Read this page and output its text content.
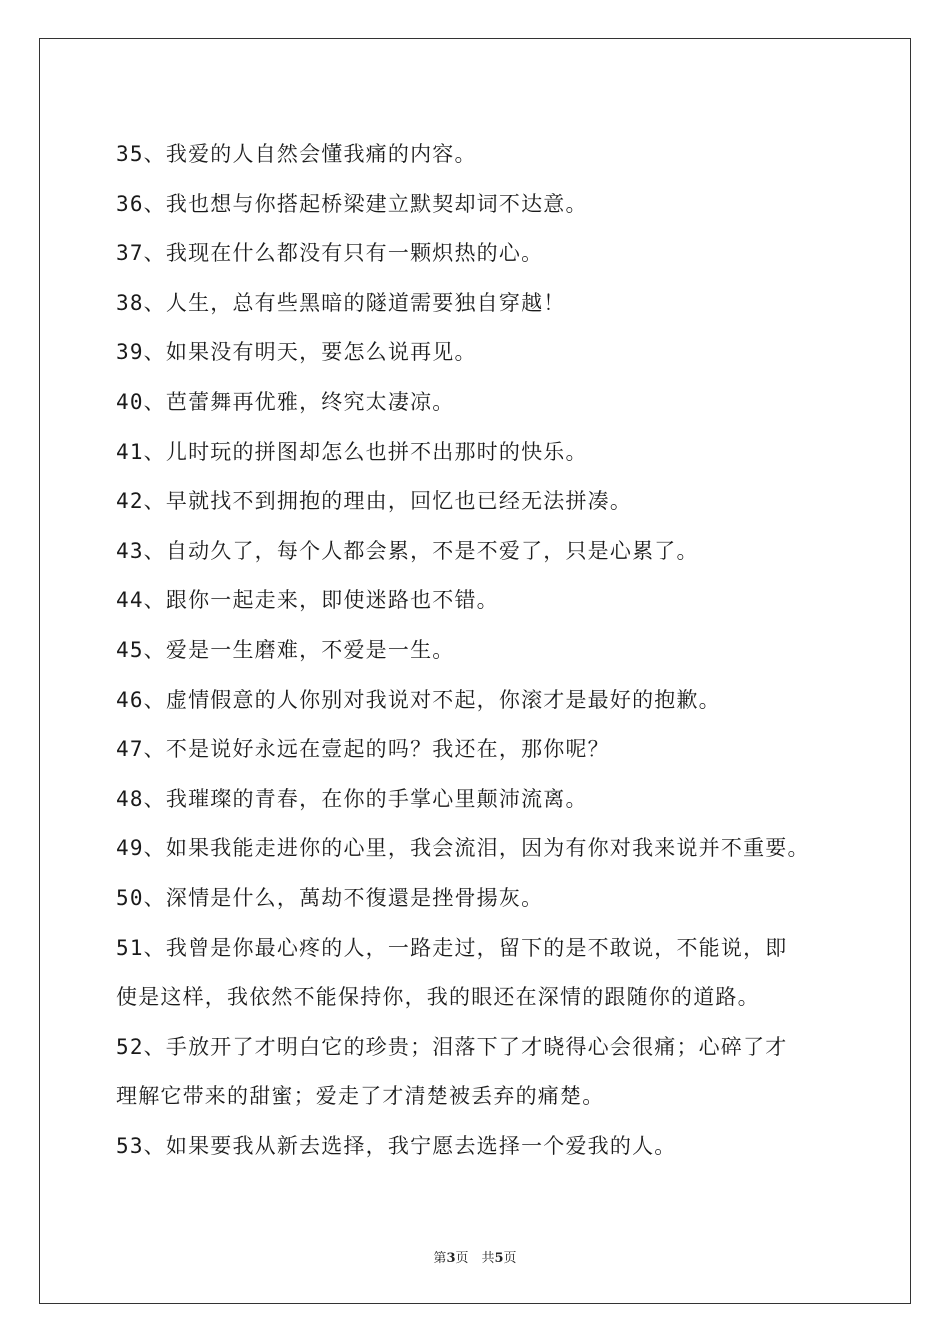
35、我爱的人自然会懂我痛的内容。
36、我也想与你搭起桥梁建立默契却词不达意。
37、我现在什么都没有只有一颗炽热的心。
38、人生，总有些黑暗的隧道需要独自穿越！
39、如果没有明天，要怎么说再见。
40、芭蕾舞再优雅，终究太凄凉。
41、儿时玩的拼图却怎么也拼不出那时的快乐。
42、早就找不到拥抱的理由，回忆也已经无法拼凑。
43、自动久了，每个人都会累，不是不爱了，只是心累了。
44、跟你一起走来，即使迷路也不错。
45、爱是一生磨难，不爱是一生。
46、虚情假意的人你别对我说对不起，你滚才是最好的抱歉。
47、不是说好永远在壹起的吗？我还在，那你呢？
48、我璀璨的青春，在你的手掌心里颠沛流离。
49、如果我能走进你的心里，我会流泪，因为有你对我来说并不重要。
50、深情是什么，萬劫不復還是挫骨揚灰。
51、我曾是你最心疼的人，一路走过，留下的是不敢说，不能说，即
使是这样，我依然不能保持你，我的眼还在深情的跟随你的道路。
52、手放开了才明白它的珍贵；泪落下了才晓得心会很痛；心碎了才
理解它带来的甜蜜；爱走了才清楚被丢弃的痛楚。
53、如果要我从新去选择，我宁愿去选择一个爱我的人。
第3页　共5页
